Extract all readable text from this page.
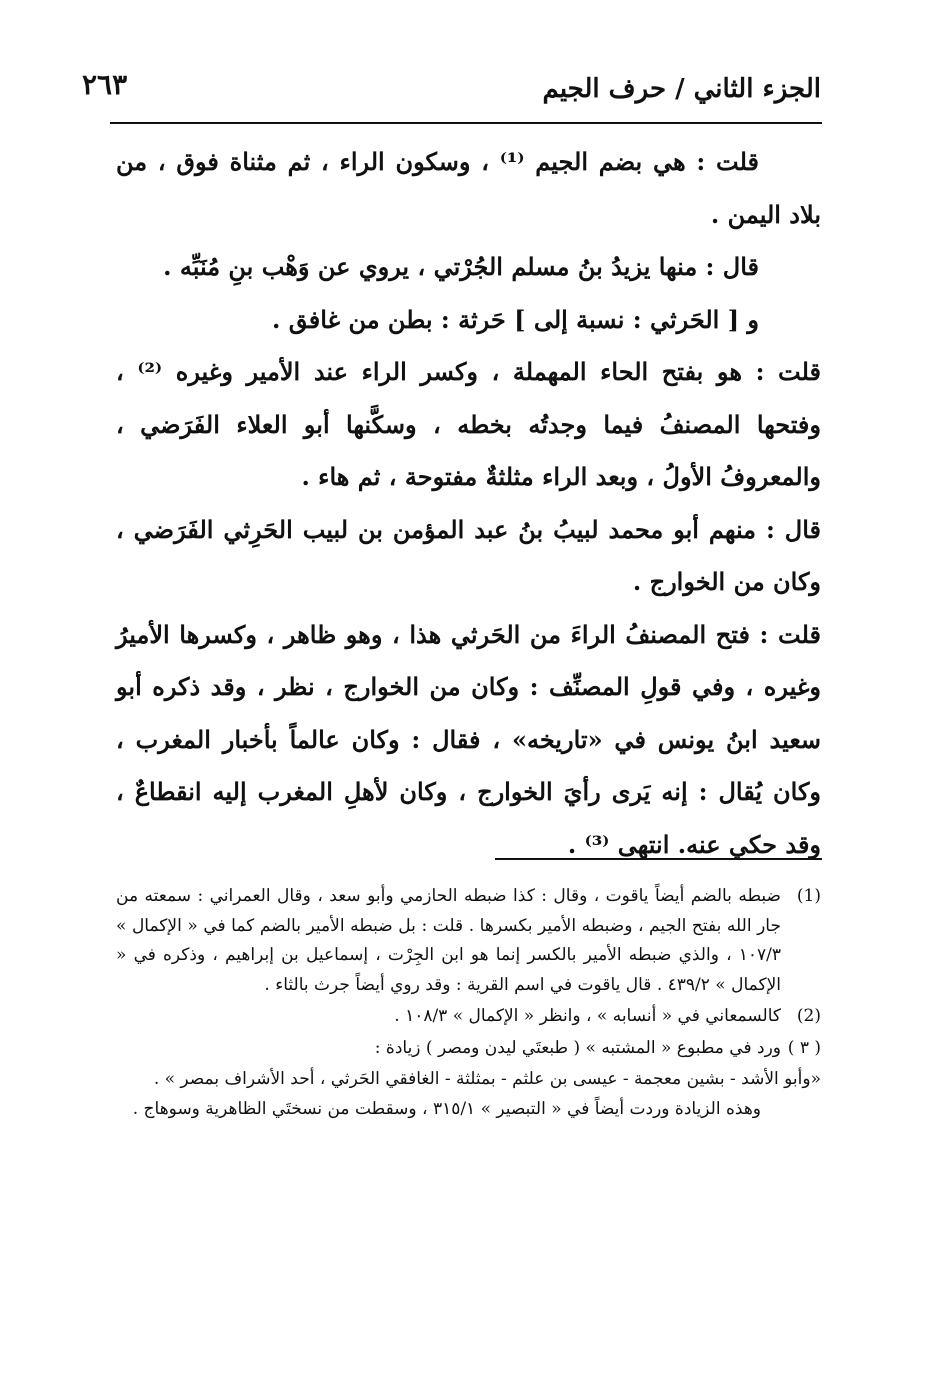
الجزء الثاني / حرف الجيم
٢٦٣

قلت : هي بضم الجيم ⁽¹⁾ ، وسكون الراء ، ثم مثناة فوق ، من بلاد اليمن .

قال : منها يزيدُ بنُ مسلم الجُرْتي ، يروي عن وَهْب بنِ مُنَبِّه .

و [ الحَرثي : نسبة إلى ] حَرثة : بطن من غافق .

قلت : هو بفتح الحاء المهملة ، وكسر الراء عند الأمير وغيره ⁽²⁾ ، وفتحها المصنفُ فيما وجدتُه بخطه ، وسكَّنها أبو العلاء الفَرَضي ، والمعروفُ الأولُ ، وبعد الراء مثلثةٌ مفتوحة ، ثم هاء .

قال : منهم أبو محمد لبيبُ بنُ عبد المؤمن بن لبيب الحَرِثي الفَرَضي ، وكان من الخوارج .

قلت : فتح المصنفُ الراءَ من الحَرثي هذا ، وهو ظاهر ، وكسرها الأميرُ وغيره ، وفي قولِ المصنِّف : وكان من الخوارج ، نظر ، وقد ذكره أبو سعيد ابنُ يونس في «تاريخه» ، فقال : وكان عالماً بأخبار المغرب ، وكان يُقال : إنه يَرى رأيَ الخوارج ، وكان لأهلِ المغرب إليه انقطاعٌ ، وقد حكي عنه. انتهى ⁽³⁾ .

(1)
ضبطه بالضم أيضاً ياقوت ، وقال : كذا ضبطه الحازمي وأبو سعد ، وقال العمراني : سمعته من جار الله بفتح الجيم ، وضبطه الأمير بكسرها . قلت : بل ضبطه الأمير بالضم كما في « الإكمال » ١٠٧/٣ ، والذي ضبطه الأمير بالكسر إنما هو ابن الجِرْت ، إسماعيل بن إبراهيم ، وذكره في « الإكمال » ٤٣٩/٢ . قال ياقوت في اسم القرية : وقد روي أيضاً جرث بالثاء .
(2)
كالسمعاني في « أنسابه » ، وانظر « الإكمال » ١٠٨/٣ .
( ٣ )
ورد في مطبوع « المشتبه » ( طبعتَي ليدن ومصر ) زيادة :

«وأبو الأشد - بشين معجمة - عيسى بن علثم - بمثلثة - الغافقي الحَرثي ، أحد الأشراف بمصر » .

وهذه الزيادة وردت أيضاً في « التبصير » ٣١٥/١ ، وسقطت من نسختَي الظاهرية وسوهاج .
